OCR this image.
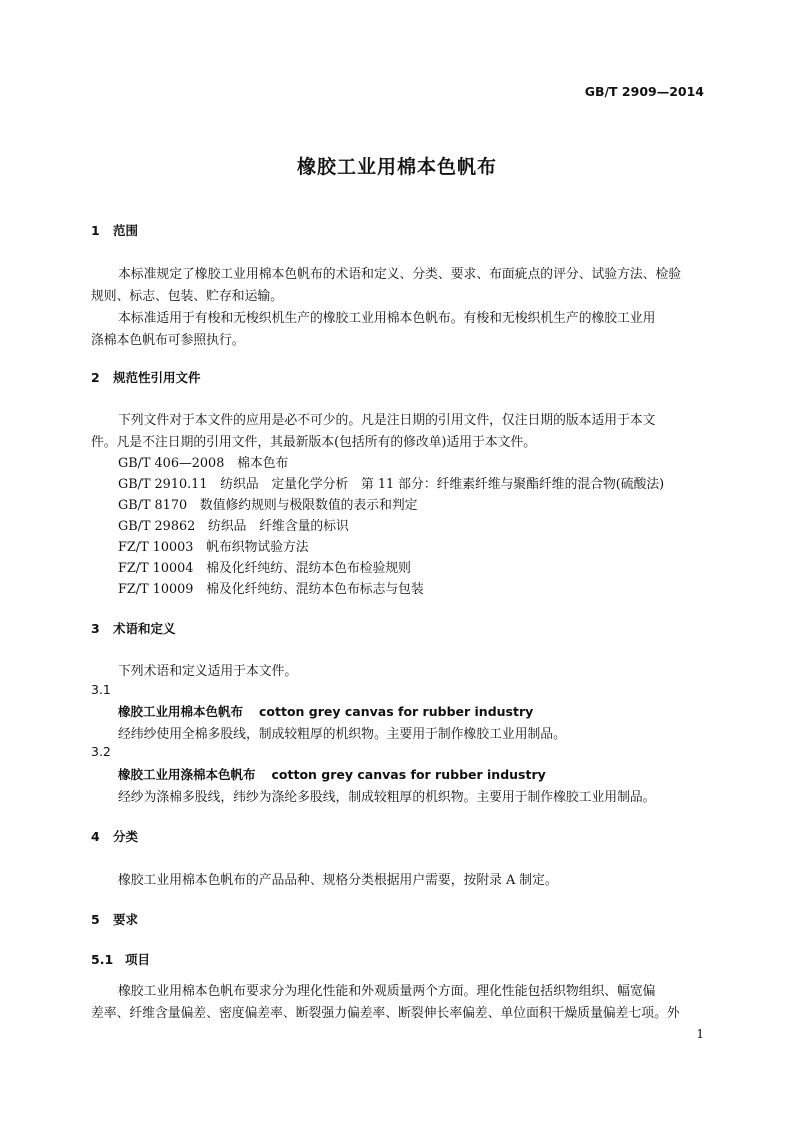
GB/T 2909—2014
橡胶工业用棉本色帆布
1 范围
本标准规定了橡胶工业用棉本色帆布的术语和定义、分类、要求、布面疵点的评分、试验方法、检验
规则、标志、包装、贮存和运输。
本标准适用于有梭和无梭织机生产的橡胶工业用棉本色帆布。有梭和无梭织机生产的橡胶工业用
涤棉本色帆布可参照执行。
2 规范性引用文件
下列文件对于本文件的应用是必不可少的。凡是注日期的引用文件，仅注日期的版本适用于本文
件。凡是不注日期的引用文件，其最新版本(包括所有的修改单)适用于本文件。
GB/T 406—2008　 棉本色布
GB/T 2910.11　 纺织品　定量化学分析　第 11 部分：纤维素纤维与聚酯纤维的混合物(硫酸法)
GB/T 8170　 数值修约规则与极限数值的表示和判定
GB/T 29862　 纺织品　纤维含量的标识
FZ/T 10003　 帆布织物试验方法
FZ/T 10004　 棉及化纤纯纺、混纺本色布检验规则
FZ/T 10009　 棉及化纤纯纺、混纺本色布标志与包装
3 术语和定义
下列术语和定义适用于本文件。
3.1
橡胶工业用棉本色帆布 cotton grey canvas for rubber industry
经纬纱使用全棉多股线，制成较粗厚的机织物。主要用于制作橡胶工业用制品。
3.2
橡胶工业用涤棉本色帆布 cotton grey canvas for rubber industry
经纱为涤棉多股线，纬纱为涤纶多股线，制成较粗厚的机织物。主要用于制作橡胶工业用制品。
4 分类
橡胶工业用棉本色帆布的产品品种、规格分类根据用户需要，按附录 A 制定。
5 要求
5.1 项目
橡胶工业用棉本色帆布要求分为理化性能和外观质量两个方面。理化性能包括织物组织、幅宽偏
差率、纤维含量偏差、密度偏差率、断裂强力偏差率、断裂伸长率偏差、单位面积干燥质量偏差七项。外
1
